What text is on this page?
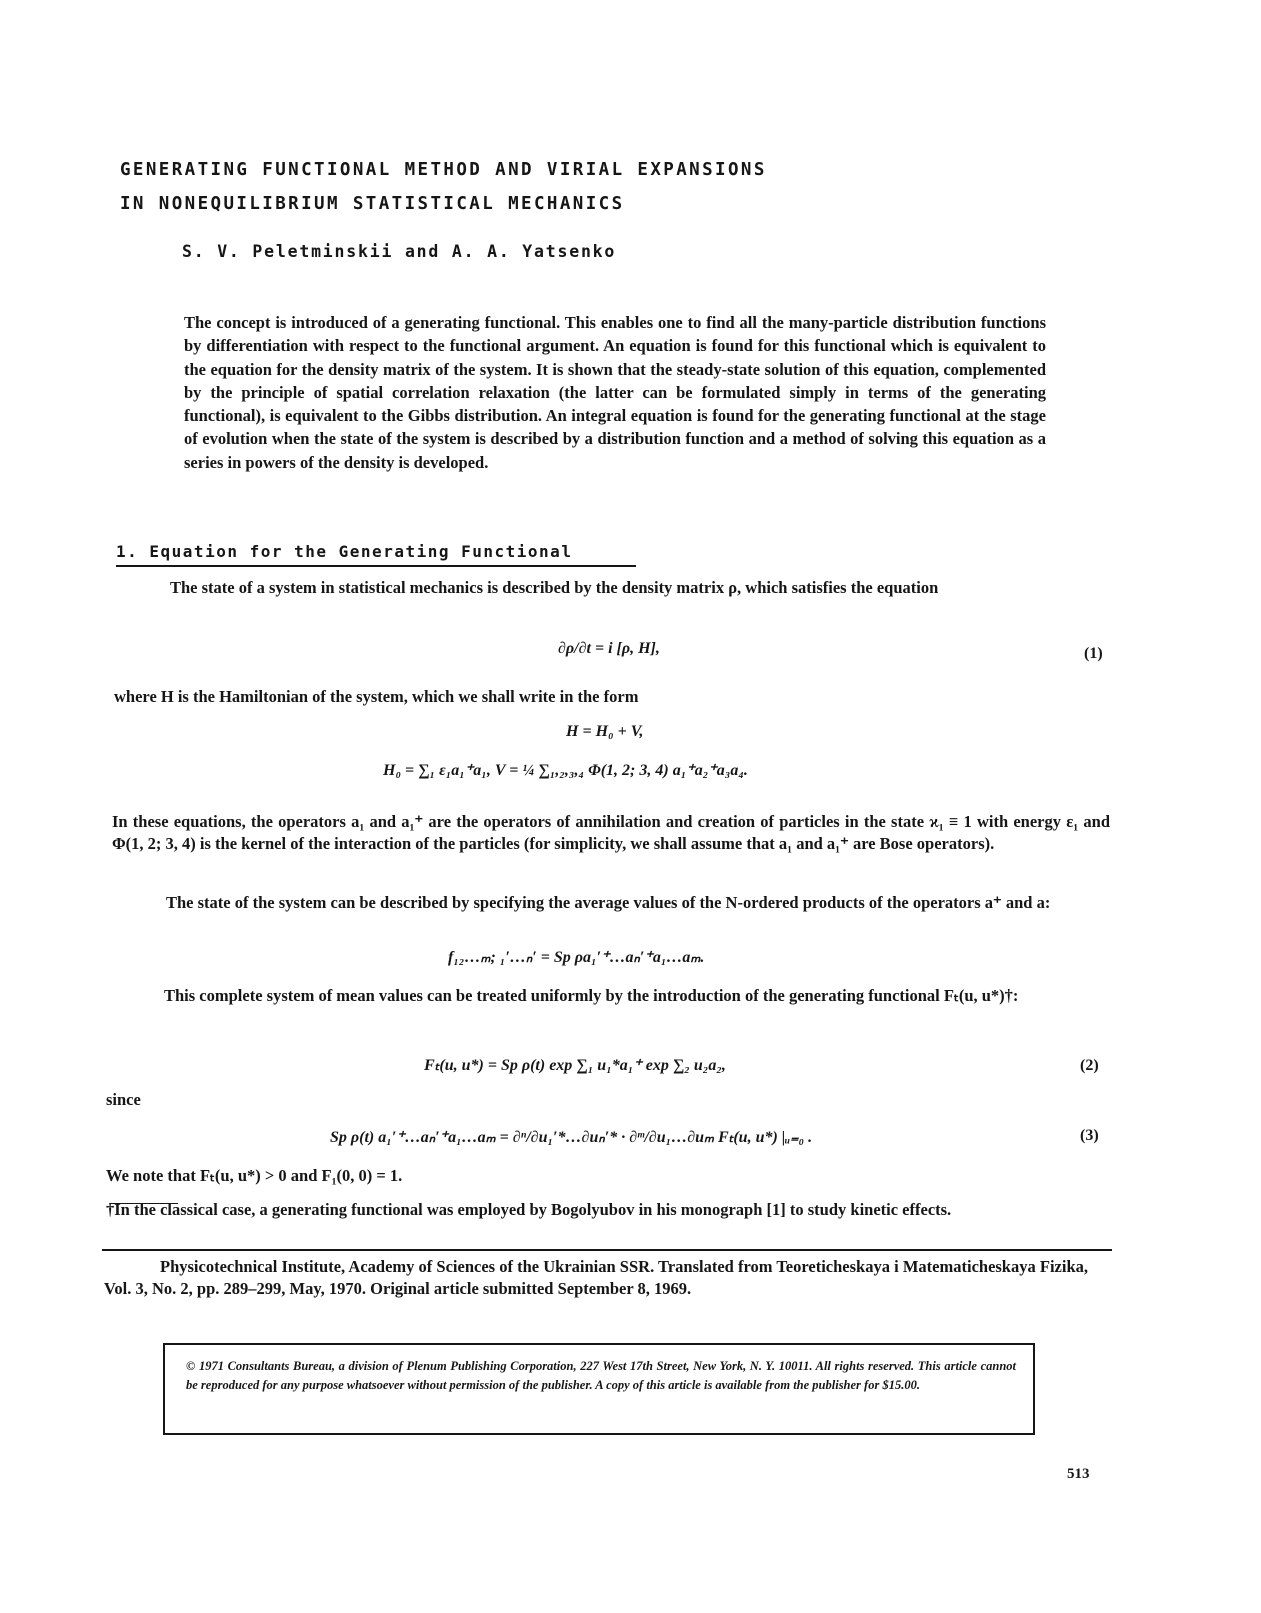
GENERATING FUNCTIONAL METHOD AND VIRIAL EXPANSIONS
IN NONEQUILIBRIUM STATISTICAL MECHANICS
S. V. Peletminskii and A. A. Yatsenko
The concept is introduced of a generating functional. This enables one to find all the many-particle distribution functions by differentiation with respect to the functional argument. An equation is found for this functional which is equivalent to the equation for the density matrix of the system. It is shown that the steady-state solution of this equation, complemented by the principle of spatial correlation relaxation (the latter can be formulated simply in terms of the generating functional), is equivalent to the Gibbs distribution. An integral equation is found for the generating functional at the stage of evolution when the state of the system is described by a distribution function and a method of solving this equation as a series in powers of the density is developed.
1. Equation for the Generating Functional
The state of a system in statistical mechanics is described by the density matrix ρ, which satisfies the equation
∂ρ/∂t = i [ρ, H],	(1)
where H is the Hamiltonian of the system, which we shall write in the form
H = H₀ + V,
H₀ = ∑₁ ε₁a₁⁺a₁, V = ¼ ∑₁,₂,₃,₄ Φ(1, 2; 3, 4) a₁⁺a₂⁺a₃a₄.
In these equations, the operators a₁ and a₁⁺ are the operators of annihilation and creation of particles in the state ϰ₁ ≡ 1 with energy ε₁ and Φ(1, 2; 3, 4) is the kernel of the interaction of the particles (for simplicity, we shall assume that a₁ and a₁⁺ are Bose operators).
The state of the system can be described by specifying the average values of the N-ordered products of the operators a⁺ and a:
f₁₂…ₘ; ₁′…ₙ′ = Sp ρa₁′⁺…aₙ′⁺a₁…aₘ.
This complete system of mean values can be treated uniformly by the introduction of the generating functional Fₜ(u, u*)†:
Fₜ(u, u*) = Sp ρ(t) exp ∑₁ u₁*a₁⁺ exp ∑₂ u₂a₂,	(2)
since
Sp ρ(t) a₁′⁺…aₙ′⁺a₁…aₘ = ∂ⁿ/∂u₁′*…∂uₙ′* · ∂ᵐ/∂u₁…∂uₘ Fₜ(u, u*) |ᵤ₌₀ .	(3)
We note that Fₜ(u, u*) > 0 and F₁(0, 0) = 1.
†In the classical case, a generating functional was employed by Bogolyubov in his monograph [1] to study kinetic effects.
Physicotechnical Institute, Academy of Sciences of the Ukrainian SSR. Translated from Teoreticheskaya i Matematicheskaya Fizika, Vol. 3, No. 2, pp. 289–299, May, 1970. Original article submitted September 8, 1969.
© 1971 Consultants Bureau, a division of Plenum Publishing Corporation, 227 West 17th Street, New York, N. Y. 10011. All rights reserved. This article cannot be reproduced for any purpose whatsoever without permission of the publisher. A copy of this article is available from the publisher for $15.00.
513
